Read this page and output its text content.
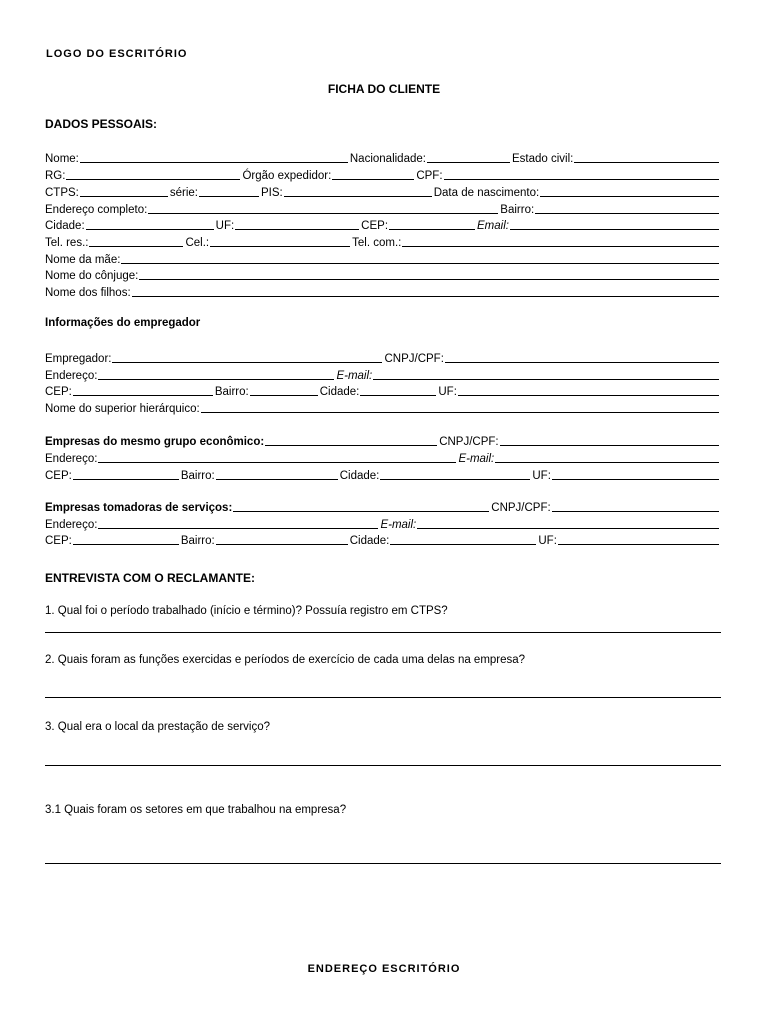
LOGO DO ESCRITÓRIO
FICHA DO CLIENTE
DADOS PESSOAIS:
Nome:	Nacionalidade:	Estado civil:
RG:	Órgão expedidor:	CPF:
CTPS:	série:	PIS:	Data de nascimento:
Endereço completo:	Bairro:
Cidade:	UF:	CEP:	Email:
Tel. res.:	Cel.:	Tel. com.:
Nome da mãe:
Nome do cônjuge:
Nome dos filhos:
Informações do empregador
Empregador:	CNPJ/CPF:
Endereço:	E-mail:
CEP:	Bairro:	Cidade:	UF:
Nome do superior hierárquico:
Empresas do mesmo grupo econômico:	CNPJ/CPF:
Endereço:	E-mail:
CEP:	Bairro:	Cidade:	UF:
Empresas tomadoras de serviços:	CNPJ/CPF:
Endereço:	E-mail:
CEP:	Bairro:	Cidade:	UF:
ENTREVISTA COM O RECLAMANTE:
1. Qual foi o período trabalhado (início e término)? Possuía registro em CTPS?
2. Quais foram as funções exercidas e períodos de exercício de cada uma delas na empresa?
3. Qual era o local da prestação de serviço?
3.1 Quais foram os setores em que trabalhou na empresa?
ENDEREÇO ESCRITÓRIO
